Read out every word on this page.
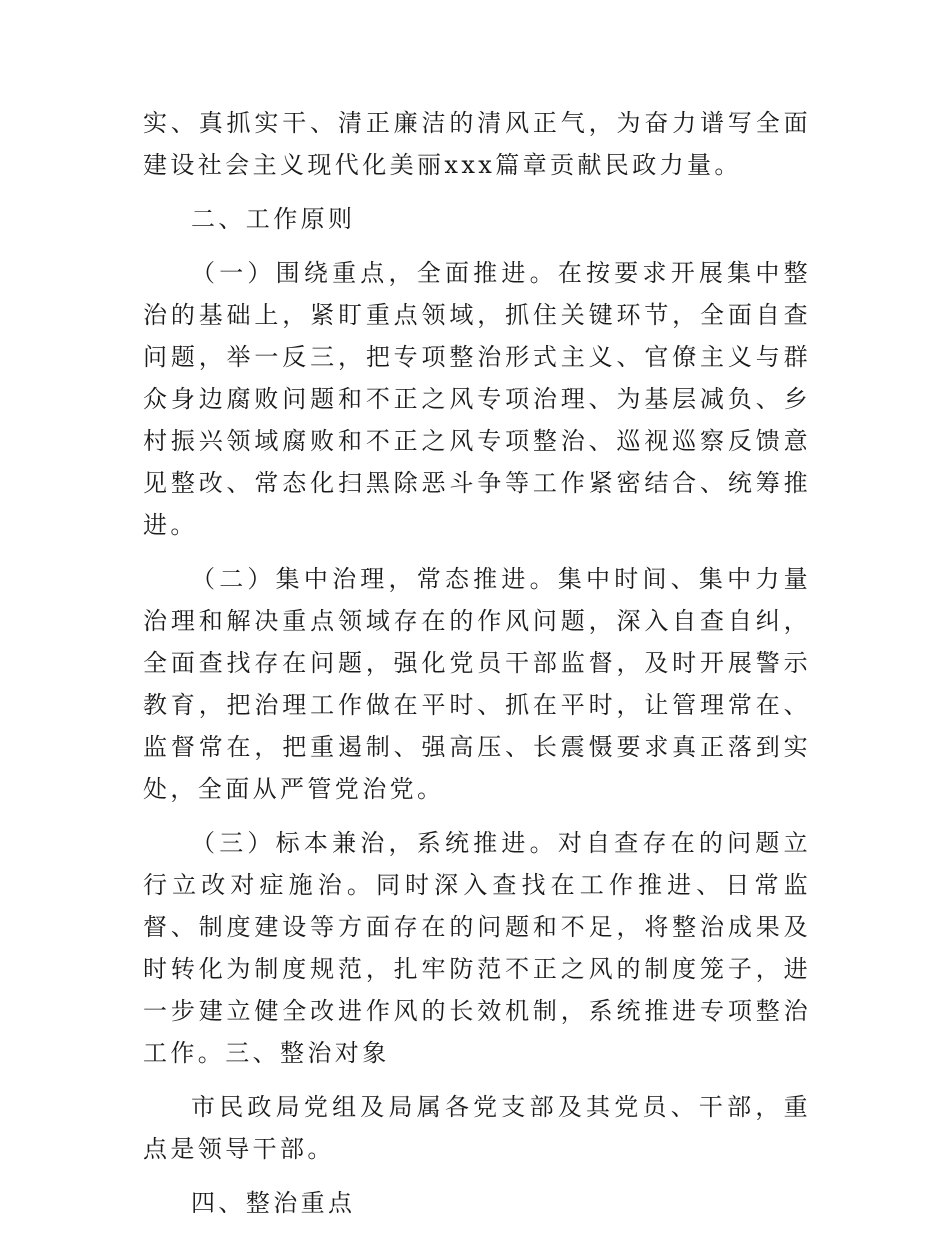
实、真抓实干、清正廉洁的清风正气，为奋力谱写全面建设社会主义现代化美丽xxx篇章贡献民政力量。

二、工作原则

（一）围绕重点，全面推进。在按要求开展集中整治的基础上，紧盯重点领域，抓住关键环节，全面自查问题，举一反三，把专项整治形式主义、官僚主义与群众身边腐败问题和不正之风专项治理、为基层减负、乡村振兴领域腐败和不正之风专项整治、巡视巡察反馈意见整改、常态化扫黑除恶斗争等工作紧密结合、统筹推进。

（二）集中治理，常态推进。集中时间、集中力量治理和解决重点领域存在的作风问题，深入自查自纠，全面查找存在问题，强化党员干部监督，及时开展警示教育，把治理工作做在平时、抓在平时，让管理常在、监督常在，把重遏制、强高压、长震慑要求真正落到实处，全面从严管党治党。

（三）标本兼治，系统推进。对自查存在的问题立行立改对症施治。同时深入查找在工作推进、日常监督、制度建设等方面存在的问题和不足，将整治成果及时转化为制度规范，扎牢防范不正之风的制度笼子，进一步建立健全改进作风的长效机制，系统推进专项整治工作。三、整治对象

市民政局党组及局属各党支部及其党员、干部，重点是领导干部。

四、整治重点
